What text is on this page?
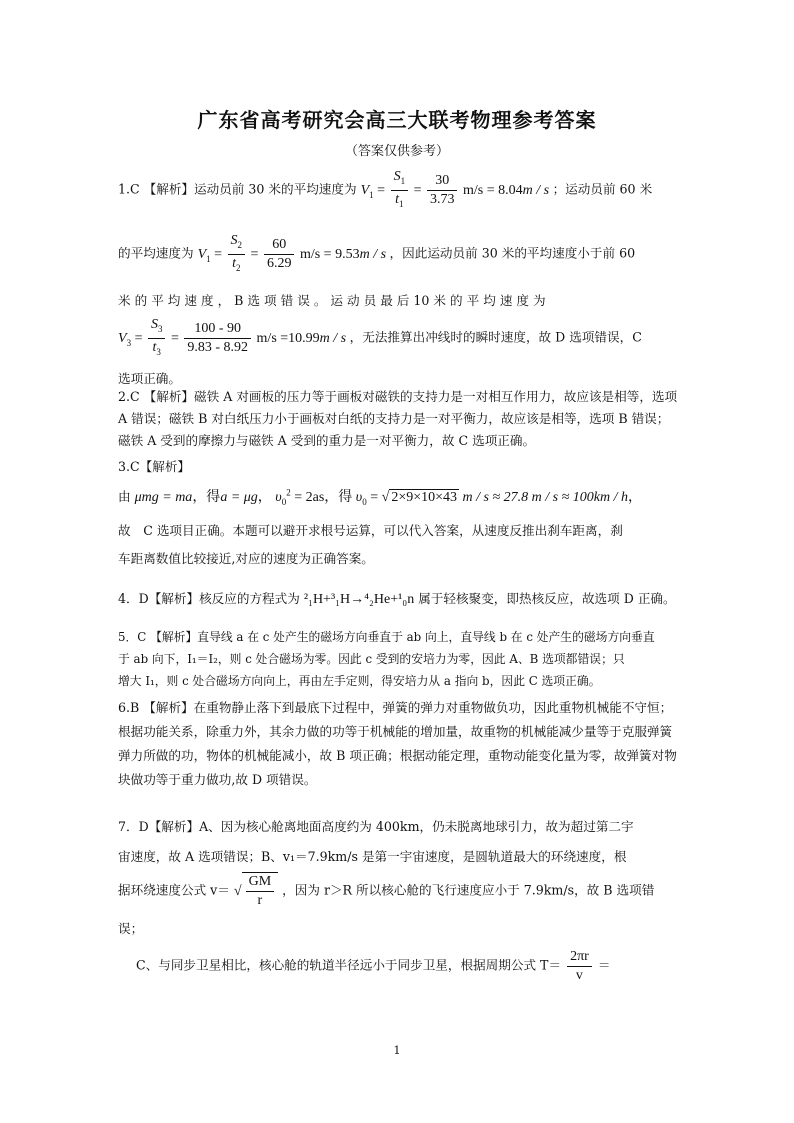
广东省高考研究会高三大联考物理参考答案
（答案仅供参考）
1.C 【解析】运动员前 30 米的平均速度为 $V_1 = \frac{S_1}{t_1} = \frac{30}{3.73} m/s = 8.04m / s$ ；运动员前 60 米
的平均速度为 $V_1 = \frac{S_2}{t_2} = \frac{60}{6.29} m/s = 9.53m / s$ ，因此运动员前 30 米的平均速度小于前 60
米 的 平 均 速 度 ， B 选 项 错 误 。 运 动 员 最 后 10 米 的 平 均 速 度 为
$V_3 = \frac{S_3}{t_3} = \frac{100 - 90}{9.83 - 8.92} m/s =10.99m / s$ ，无法推算出冲线时的瞬时速度，故 D 选项错误，C
选项正确。
2.C 【解析】磁铁 A 对画板的压力等于画板对磁铁的支持力是一对相互作用力，故应该是相等，选项 A 错误；磁铁 B 对白纸压力小于画板对白纸的支持力是一对平衡力，故应该是相等，选项 B 错误；磁铁 A 受到的摩擦力与磁铁 A 受到的重力是一对平衡力，故 C 选项正确。
3.C【解析】
由 μmg = ma，得a = μg， $\upsilon_0^2 = 2as$，得 $\upsilon_0$ = √ 2×9×10×43 m / s ≈ 27.8 m / s ≈ 100km / h，
故　C 选项目正确。本题可以避开求根号运算，可以代入答案，从速度反推出刹车距离，刹
车距离数值比较接近,对应的速度为正确答案。
4．D【解析】核反应的方程式为 ²₁H+³₁H→⁴₂He+¹₀n 属于轻核聚变，即热核反应，故选项 D 正确。
5．C 【解析】直导线 a 在 c 处产生的磁场方向垂直于 ab 向上，直导线 b 在 c 处产生的磁场方向垂直
于 ab 向下，I₁＝I₂，则 c 处合磁场为零。因此 c 受到的安培力为零，因此 A、B 选项都错误；只
增大 I₁，则 c 处合磁场方向向上，再由左手定则，得安培力从 a 指向 b，因此 C 选项正确。
6.B 【解析】在重物静止落下到最底下过程中，弹簧的弹力对重物做负功，因此重物机械能不守恒；根据功能关系，除重力外，其余力做的功等于机械能的增加量，故重物的机械能减少量等于克服弹簧弹力所做的功，物体的机械能减小，故 B 项正确；根据动能定理，重物动能变化量为零，故弹簧对物块做功等于重力做功,故 D 项错误。
7．D【解析】A、因为核心舱离地面高度约为 400km，仍未脱离地球引力，故为超过第二宇
宙速度，故 A 选项错误；B、v₁＝7.9km/s 是第一宇宙速度，是圆轨道最大的环绕速度，根
据环绕速度公式 v＝ √ $\frac{GM}{r}$ ，因为 r＞R 所以核心舱的飞行速度应小于 7.9km/s，故 B 选项错
误；
C、与同步卫星相比，核心舱的轨道半径远小于同步卫星，根据周期公式 $T= \frac{2\pi r}{v}$ ＝
1
